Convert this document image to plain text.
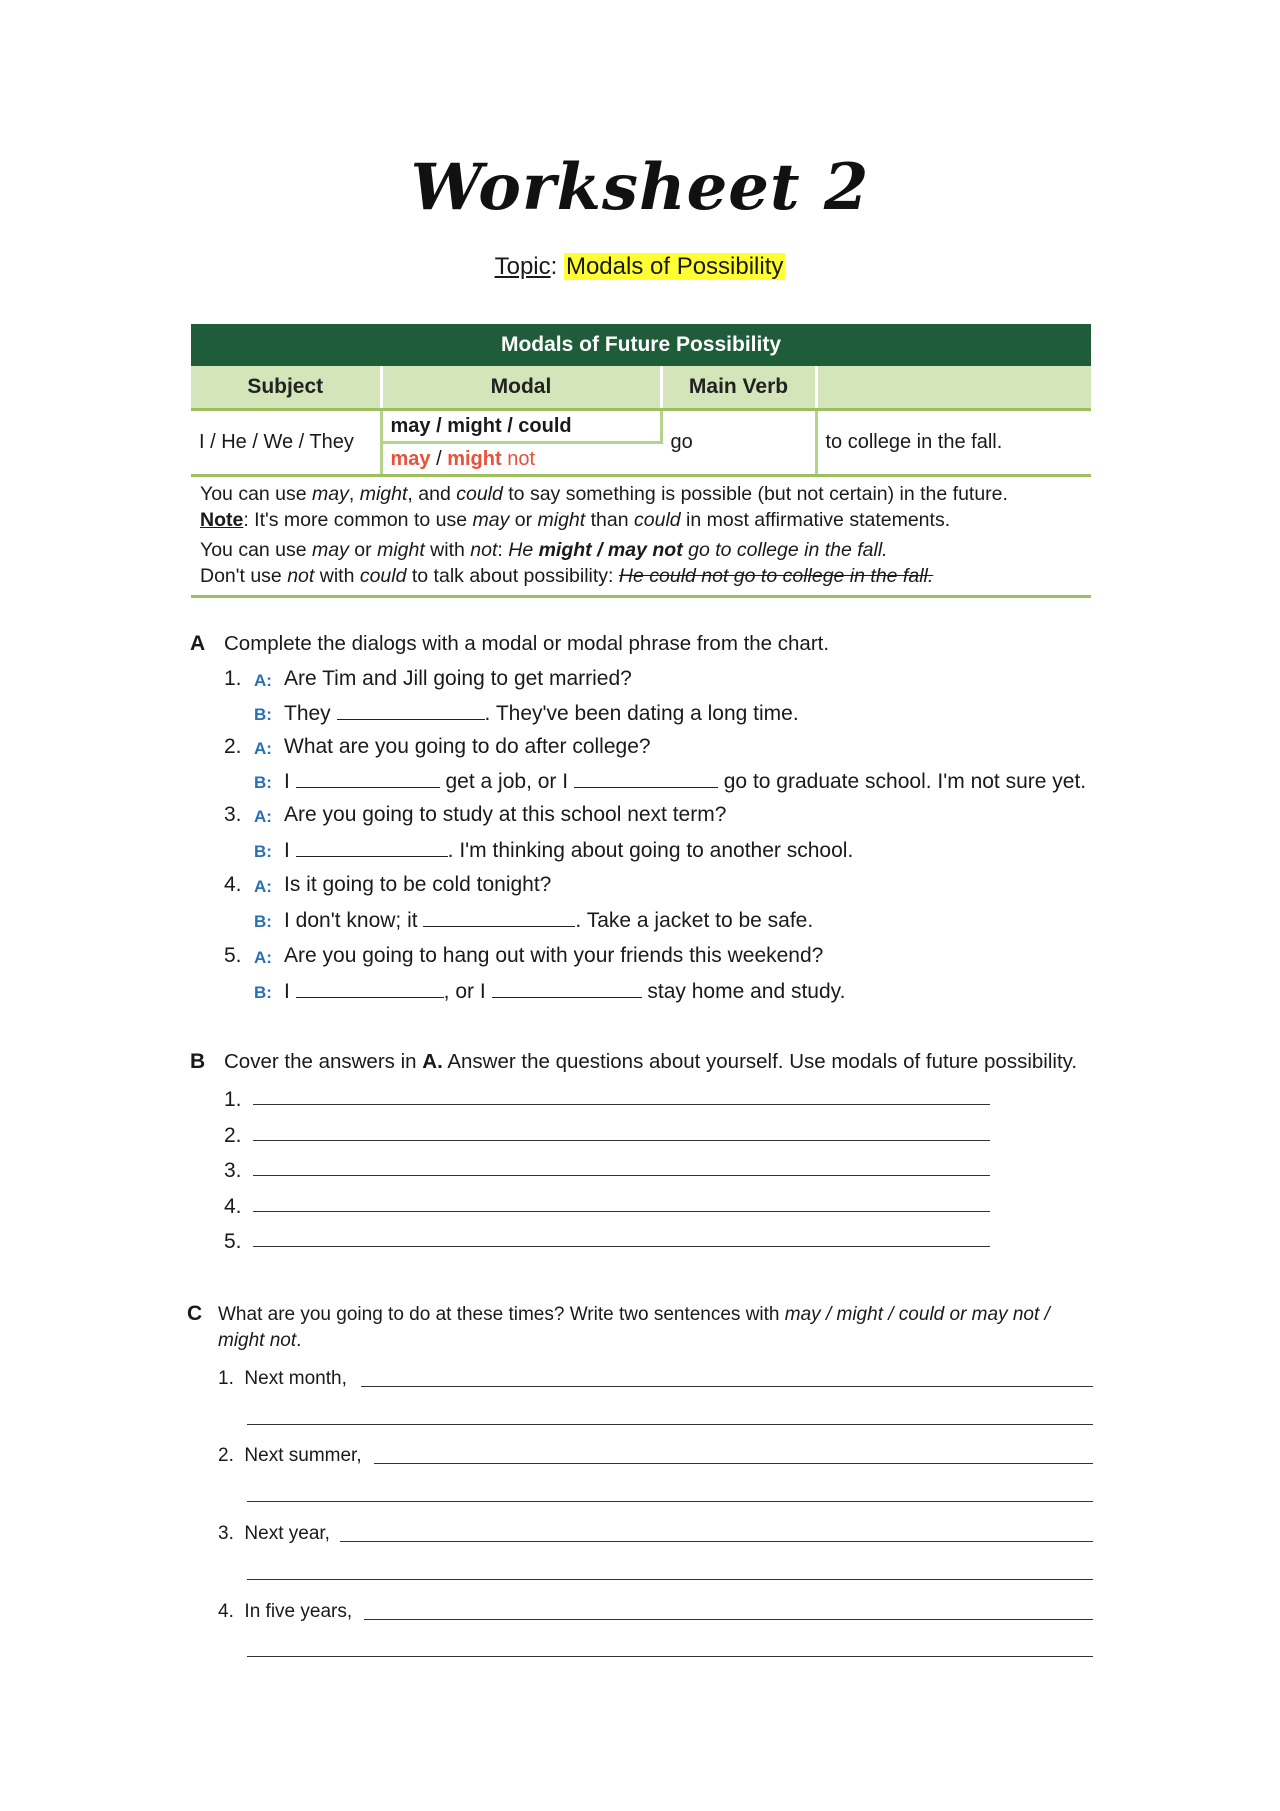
Worksheet 2
Topic: Modals of Possibility
Modals of Future Possibility
Subject	Modal	Main Verb	
I / He / We / They	may / might / could	go	to college in the fall.
	may / might not		
You can use may, might, and could to say something is possible (but not certain) in the future.
Note: It's more common to use may or might than could in most affirmative statements.
You can use may or might with not: He might / may not go to college in the fall.
Don't use not with could to talk about possibility: He could not go to college in the fall.
A Complete the dialogs with a modal or modal phrase from the chart.
1. A: Are Tim and Jill going to get married?
B: They	. They've been dating a long time.
2. A: What are you going to do after college?
B: I	get a job, or I	go to graduate school. I'm not sure yet.
3. A: Are you going to study at this school next term?
B: I	. I'm thinking about going to another school.
4. A: Is it going to be cold tonight?
B: I don't know; it	. Take a jacket to be safe.
5. A: Are you going to hang out with your friends this weekend?
B: I	, or I	stay home and study.
B Cover the answers in A. Answer the questions about yourself. Use modals of future possibility.
1.
2.
3.
4.
5.
C What are you going to do at these times? Write two sentences with may / might / could or may not /
might not.
1. Next month,
2. Next summer,
3. Next year,
4. In five years,
